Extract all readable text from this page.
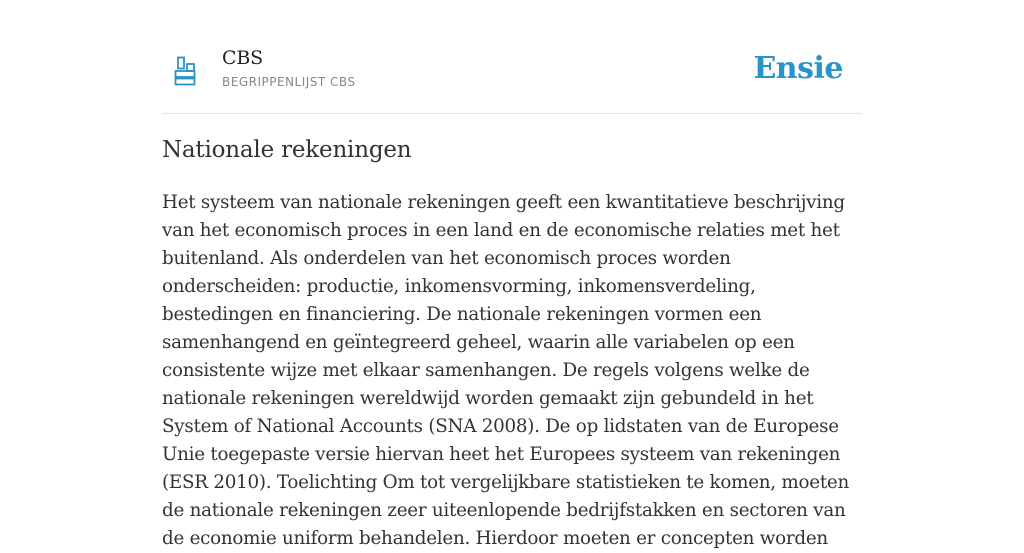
CBS
BEGRIPPENLIJST CBS	Ensie
Nationale rekeningen

Het systeem van nationale rekeningen geeft een kwantitatieve beschrijving van het economisch proces in een land en de economische relaties met het buitenland. Als onderdelen van het economisch proces worden onderscheiden: productie, inkomensvorming, inkomensverdeling, bestedingen en financiering. De nationale rekeningen vormen een samenhangend en geïntegreerd geheel, waarin alle variabelen op een consistente wijze met elkaar samenhangen. De regels volgens welke de nationale rekeningen wereldwijd worden gemaakt zijn gebundeld in het System of National Accounts (SNA 2008). De op lidstaten van de Europese Unie toegepaste versie hiervan heet het Europees systeem van rekeningen (ESR 2010). Toelichting Om tot vergelijkbare statistieken te komen, moeten de nationale rekeningen zeer uiteenlopende bedrijfstakken en sectoren van de economie uniform behandelen. Hierdoor moeten er concepten worden
